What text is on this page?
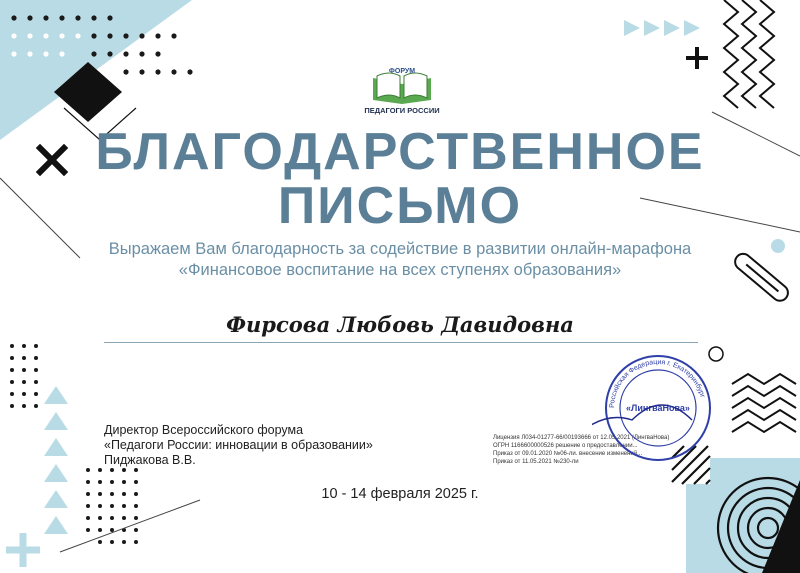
ФОРУМ
ПЕДАГОГИ РОССИИ
БЛАГОДАРСТВЕННОЕ
ПИСЬМО
Выражаем Вам благодарность за содействие в развитии онлайн-марафона
«Финансовое воспитание на всех ступенях образования»
Фирсова Любовь Давидовна
Директор Всероссийского форума
«Педагоги России: инновации в образовании»
Пиджакова В.В.
Лицензия Л034-01277-66/00193666 от 12.05.2021 (ЛингваНова)
ОГРН 1166600000526 решение о предоставлении...
Приказ от 09.01.2020 №06-ли. внесение изменений...
Приказ от 11.05.2021 №230-ли
Российская Федерация г. Екатеринбург
«ЛингваНова»
10 - 14 февраля 2025 г.
